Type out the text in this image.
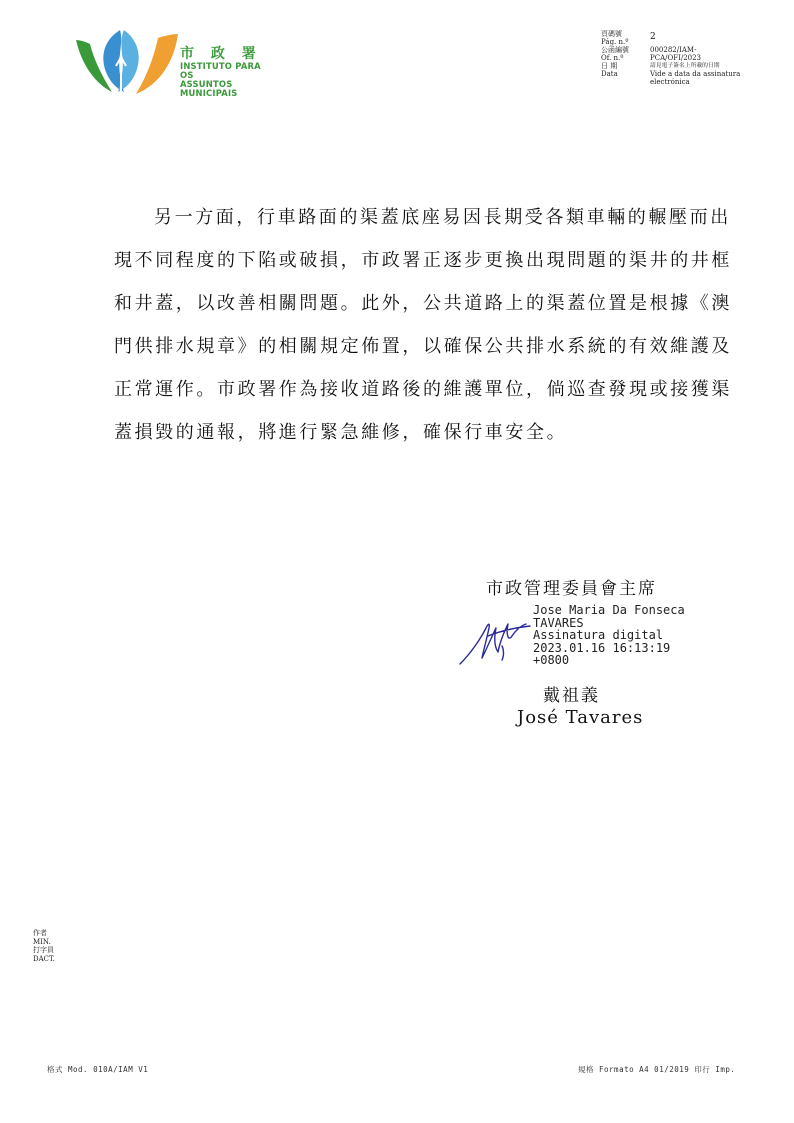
市 政 署
INSTITUTO PARA OS
ASSUNTOS MUNICIPAIS
頁碼號
Pág. n.º	2
公函編號
Of. n.º
000282/IAM-PCA/OFI/2023
日 期
Data
請見電子簽名上所載的日期
Vide a data da assinatura electrónica

另一方面，行車路面的渠蓋底座易因長期受各類車輛的輾壓而出現不同程度的下陷或破損，市政署正逐步更換出現問題的渠井的井框和井蓋，以改善相關問題。此外，公共道路上的渠蓋位置是根據《澳門供排水規章》的相關規定佈置，以確保公共排水系統的有效維護及正常運作。市政署作為接收道路後的維護單位，倘巡查發現或接獲渠蓋損毀的通報，將進行緊急維修，確保行車安全。

市政管理委員會主席
Jose Maria Da Fonseca
TAVARES
Assinatura digital
2023.01.16 16:13:19
+0800
戴祖義
José Tavares
作者
MIN.
打字員
DACT.
格式 Mod. 010A/IAM V1	規格 Formato A4 01/2019 印行 Imp.
